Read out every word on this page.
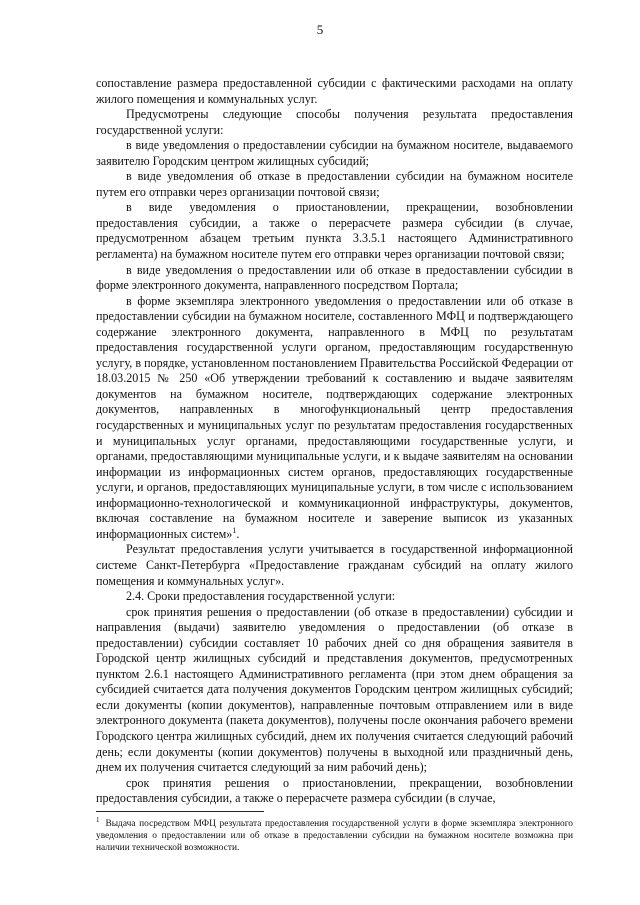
5

сопоставление размера предоставленной субсидии с фактическими расходами на оплату жилого помещения и коммунальных услуг.

Предусмотрены следующие способы получения результата предоставления государственной услуги:

в виде уведомления о предоставлении субсидии на бумажном носителе, выдаваемого заявителю Городским центром жилищных субсидий;

в виде уведомления об отказе в предоставлении субсидии на бумажном носителе путем его отправки через организации почтовой связи;

в виде уведомления о приостановлении, прекращении, возобновлении предоставления субсидии, а также о перерасчете размера субсидии (в случае, предусмотренном абзацем третьим пункта 3.3.5.1 настоящего Административного регламента) на бумажном носителе путем его отправки через организации почтовой связи;

в виде уведомления о предоставлении или об отказе в предоставлении субсидии в форме электронного документа, направленного посредством Портала;

в форме экземпляра электронного уведомления о предоставлении или об отказе в предоставлении субсидии на бумажном носителе, составленного МФЦ и подтверждающего содержание электронного документа, направленного в МФЦ по результатам предоставления государственной услуги органом, предоставляющим государственную услугу, в порядке, установленном постановлением Правительства Российской Федерации от 18.03.2015 № 250 «Об утверждении требований к составлению и выдаче заявителям документов на бумажном носителе, подтверждающих содержание электронных документов, направленных в многофункциональный центр предоставления государственных и муниципальных услуг по результатам предоставления государственных и муниципальных услуг органами, предоставляющими государственные услуги, и органами, предоставляющими муниципальные услуги, и к выдаче заявителям на основании информации из информационных систем органов, предоставляющих государственные услуги, и органов, предоставляющих муниципальные услуги, в том числе с использованием информационно-технологической и коммуникационной инфраструктуры, документов, включая составление на бумажном носителе и заверение выписок из указанных информационных систем»$^1$.

Результат предоставления услуги учитывается в государственной информационной системе Санкт-Петербурга «Предоставление гражданам субсидий на оплату жилого помещения и коммунальных услуг».

2.4. Сроки предоставления государственной услуги:

срок принятия решения о предоставлении (об отказе в предоставлении) субсидии и направления (выдачи) заявителю уведомления о предоставлении (об отказе в предоставлении) субсидии составляет 10 рабочих дней со дня обращения заявителя в Городской центр жилищных субсидий и представления документов, предусмотренных пунктом 2.6.1 настоящего Административного регламента (при этом днем обращения за субсидией считается дата получения документов Городским центром жилищных субсидий; если документы (копии документов), направленные почтовым отправлением или в виде электронного документа (пакета документов), получены после окончания рабочего времени Городского центра жилищных субсидий, днем их получения считается следующий рабочий день; если документы (копии документов) получены в выходной или праздничный день, днем их получения считается следующий за ним рабочий день);

срок принятия решения о приостановлении, прекращении, возобновлении предоставления субсидии, а также о перерасчете размера субсидии (в случае,

$^1$ Выдача посредством МФЦ результата предоставления государственной услуги в форме экземпляра электронного уведомления о предоставлении или об отказе в предоставлении субсидии на бумажном носителе возможна при наличии технической возможности.
